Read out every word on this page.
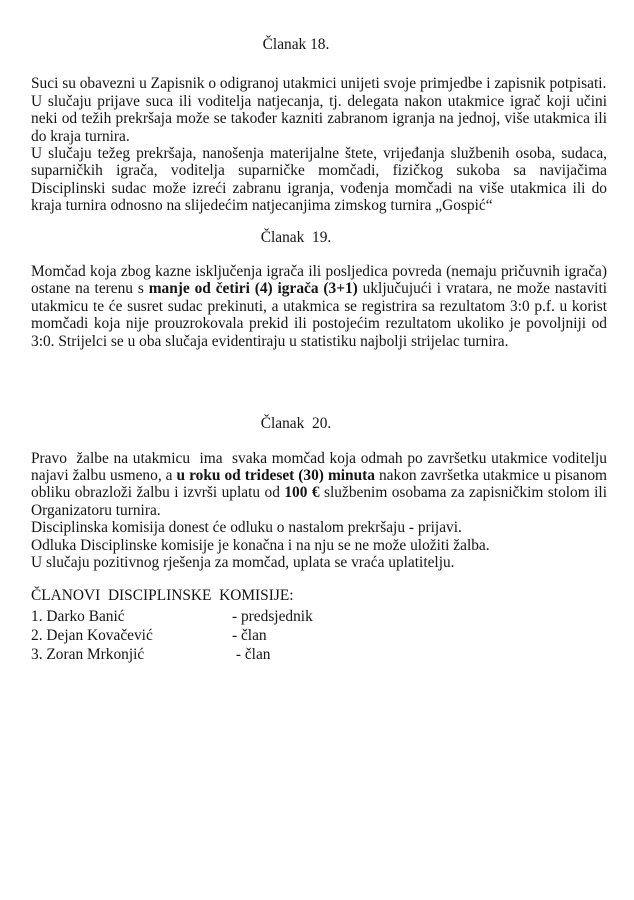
Članak 18.

Suci su obavezni u Zapisnik o odigranoj utakmici unijeti svoje primjedbe i zapisnik potpisati.

U slučaju prijave suca ili voditelja natjecanja, tj. delegata nakon utakmice igrač koji učini neki od težih prekršaja može se također kazniti zabranom igranja na jednoj, više utakmica ili do kraja turnira.

U slučaju težeg prekršaja, nanošenja materijalne štete, vrijeđanja službenih osoba, sudaca, suparničkih igrača, voditelja suparničke momčadi, fizičkog sukoba sa navijačima Disciplinski sudac može izreći zabranu igranja, vođenja momčadi na više utakmica ili do kraja turnira odnosno na slijedećim natjecanjima zimskog turnira „Gospić“

Članak  19.

Momčad koja zbog kazne isključenja igrača ili posljedica povreda (nemaju pričuvnih igrača) ostane na terenu s manje od četiri (4) igrača (3+1) uključujući i vratara, ne može nastaviti utakmicu te će susret sudac prekinuti, a utakmica se registrira sa rezultatom 3:0 p.f. u korist momčadi koja nije prouzrokovala prekid ili postojećim rezultatom ukoliko je povoljniji od 3:0. Strijelci se u oba slučaja evidentiraju u statistiku najbolji strijelac turnira.

Članak  20.

Pravo  žalbe na utakmicu  ima  svaka momčad koja odmah po završetku utakmice voditelju najavi žalbu usmeno, a u roku od trideset (30) minuta nakon završetka utakmice u pisanom obliku obrazloži žalbu i izvrši uplatu od 100 € službenim osobama za zapisničkim stolom ili Organizatoru turnira.

Disciplinska komisija donest će odluku o nastalom prekršaju - prijavi.

Odluka Disciplinske komisije je konačna i na nju se ne može uložiti žalba.

U slučaju pozitivnog rješenja za momčad, uplata se vraća uplatitelju.

ČLANOVI  DISCIPLINSKE  KOMISIJE:
1. Darko Banić	- predsjednik
2. Dejan Kovačević	- član
3. Zoran Mrkonjić	- član
